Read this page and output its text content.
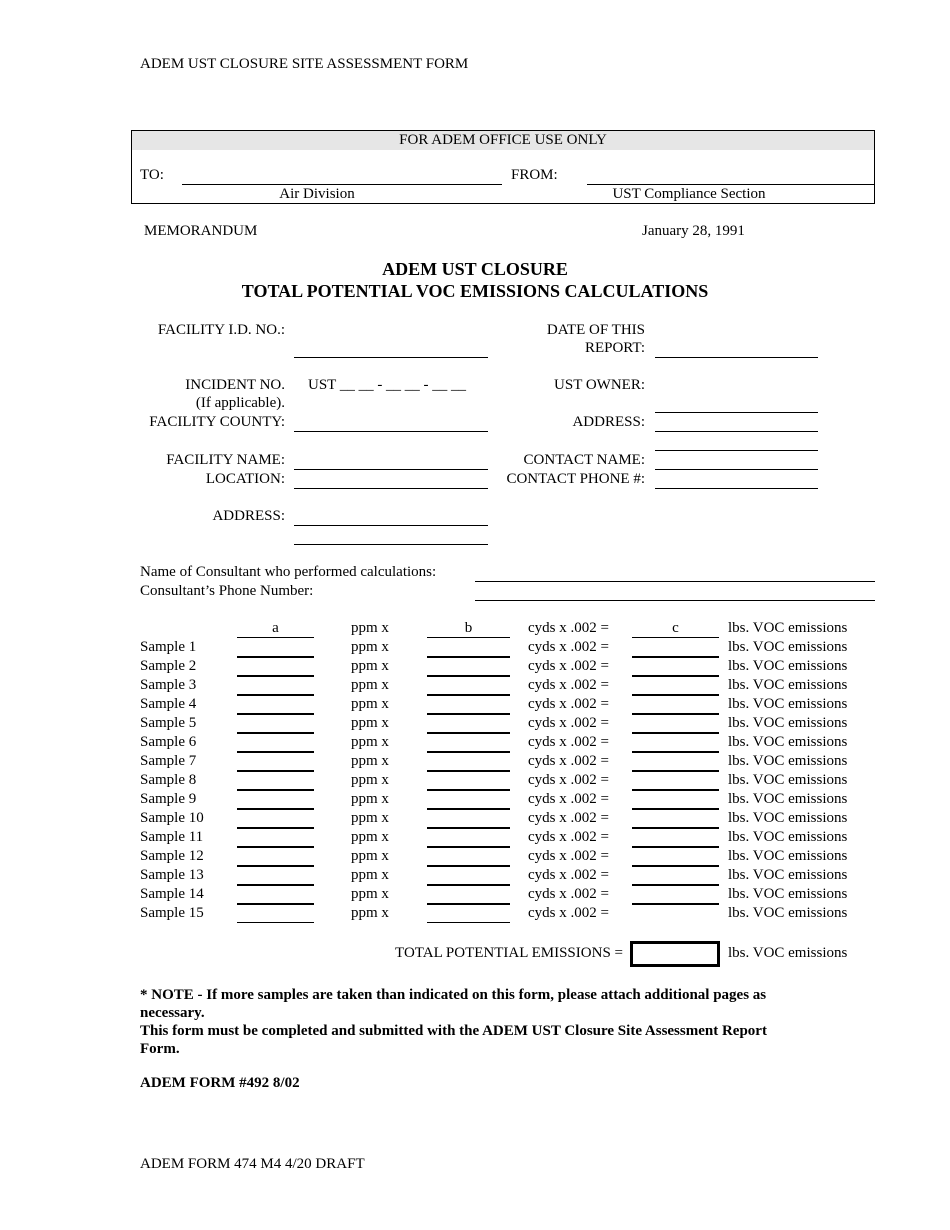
ADEM UST CLOSURE SITE ASSESSMENT FORM
FOR ADEM OFFICE USE ONLY
TO:	FROM:
Air Division	UST Compliance Section
MEMORANDUM	January 28, 1991
ADEM UST CLOSURE
TOTAL POTENTIAL VOC EMISSIONS CALCULATIONS
FACILITY I.D. NO.:	DATE OF THIS
REPORT:
INCIDENT NO. UST __ __ - __ __ - __ __
(If applicable).
UST OWNER:
FACILITY COUNTY:	ADDRESS:
FACILITY NAME:	CONTACT NAME:
LOCATION:	CONTACT PHONE #:
ADDRESS:
Name of Consultant who performed calculations:
Consultant’s Phone Number:
a	ppm x	b	cyds x .002 =	c	lbs. VOC emissions
Sample 1	ppm x	cyds x .002 =	lbs. VOC emissions
Sample 2	ppm x	cyds x .002 =	lbs. VOC emissions
Sample 3	ppm x	cyds x .002 =	lbs. VOC emissions
Sample 4	ppm x	cyds x .002 =	lbs. VOC emissions
Sample 5	ppm x	cyds x .002 =	lbs. VOC emissions
Sample 6	ppm x	cyds x .002 =	lbs. VOC emissions
Sample 7	ppm x	cyds x .002 =	lbs. VOC emissions
Sample 8	ppm x	cyds x .002 =	lbs. VOC emissions
Sample 9	ppm x	cyds x .002 =	lbs. VOC emissions
Sample 10	ppm x	cyds x .002 =	lbs. VOC emissions
Sample 11	ppm x	cyds x .002 =	lbs. VOC emissions
Sample 12	ppm x	cyds x .002 =	lbs. VOC emissions
Sample 13	ppm x	cyds x .002 =	lbs. VOC emissions
Sample 14	ppm x	cyds x .002 =	lbs. VOC emissions
Sample 15	ppm x	cyds x .002 =	lbs. VOC emissions
TOTAL POTENTIAL EMISSIONS =	lbs. VOC emissions
* NOTE - If more samples are taken than indicated on this form, please attach additional pages as necessary.
This form must be completed and submitted with the ADEM UST Closure Site Assessment Report Form.
ADEM FORM #492 8/02
ADEM FORM 474 M4 4/20 DRAFT
